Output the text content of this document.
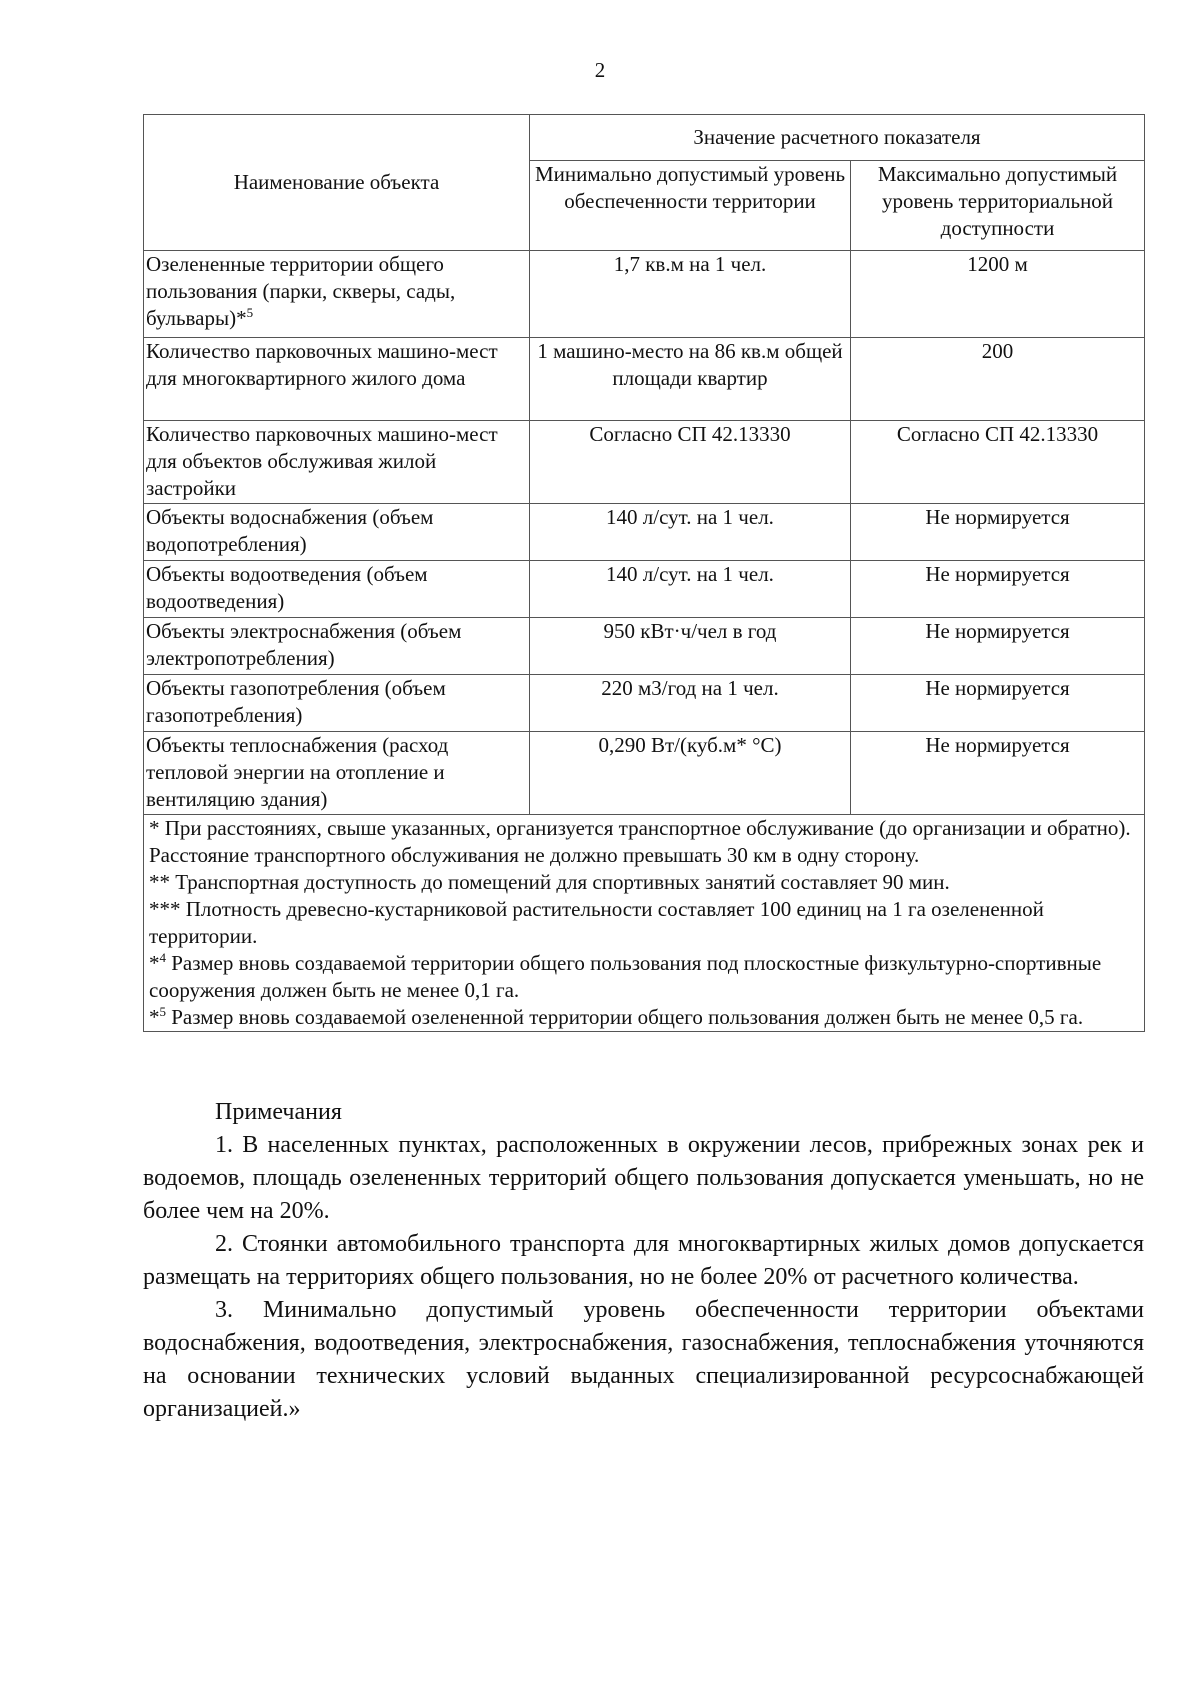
2
Наименование объекта	Значение расчетного показателя	
	Минимально допустимый уровень обеспеченности территории	Максимально допустимый уровень территориальной доступности
Озелененные территории общего пользования (парки, скверы, сады, бульвары)*$^5$	1,7 кв.м на 1 чел.	1200 м
Количество парковочных машино-мест для многоквартирного жилого дома	1 машино-место на 86 кв.м общей площади квартир	200
Количество парковочных машино-мест для объектов обслуживая жилой застройки	Согласно СП 42.13330	Согласно СП 42.13330
Объекты водоснабжения (объем водопотребления)	140 л/сут. на 1 чел.	Не нормируется
Объекты водоотведения (объем водоотведения)	140 л/сут. на 1 чел.	Не нормируется
Объекты электроснабжения (объем электропотребления)	950 кВт·ч/чел в год	Не нормируется
Объекты газопотребления (объем газопотребления)	220 м3/год на 1 чел.	Не нормируется
Объекты теплоснабжения (расход тепловой энергии на отопление и вентиляцию здания)	0,290 Вт/(куб.м* °С)	Не нормируется

* При расстояниях, свыше указанных, организуется транспортное обслуживание (до организации и обратно). Расстояние транспортного обслуживания не должно превышать 30 км в одну сторону.
** Транспортная доступность до помещений для спортивных занятий составляет 90 мин.
*** Плотность древесно-кустарниковой растительности составляет 100 единиц на 1 га озелененной территории.
*$^4$ Размер вновь создаваемой территории общего пользования под плоскостные физкультурно-спортивные сооружения должен быть не менее 0,1 га.
*$^5$ Размер вновь создаваемой озелененной территории общего пользования должен быть не менее 0,5 га.		
Примечания

1. В населенных пунктах, расположенных в окружении лесов, прибрежных зонах рек и водоемов, площадь озелененных территорий общего пользования допускается уменьшать, но не более чем на 20%.

2. Стоянки автомобильного транспорта для многоквартирных жилых домов допускается размещать на территориях общего пользования, но не более 20% от расчетного количества.

3. Минимально допустимый уровень обеспеченности территории объектами водоснабжения, водоотведения, электроснабжения, газоснабжения, теплоснабжения уточняются на основании технических условий выданных специализированной ресурсоснабжающей организацией.»
